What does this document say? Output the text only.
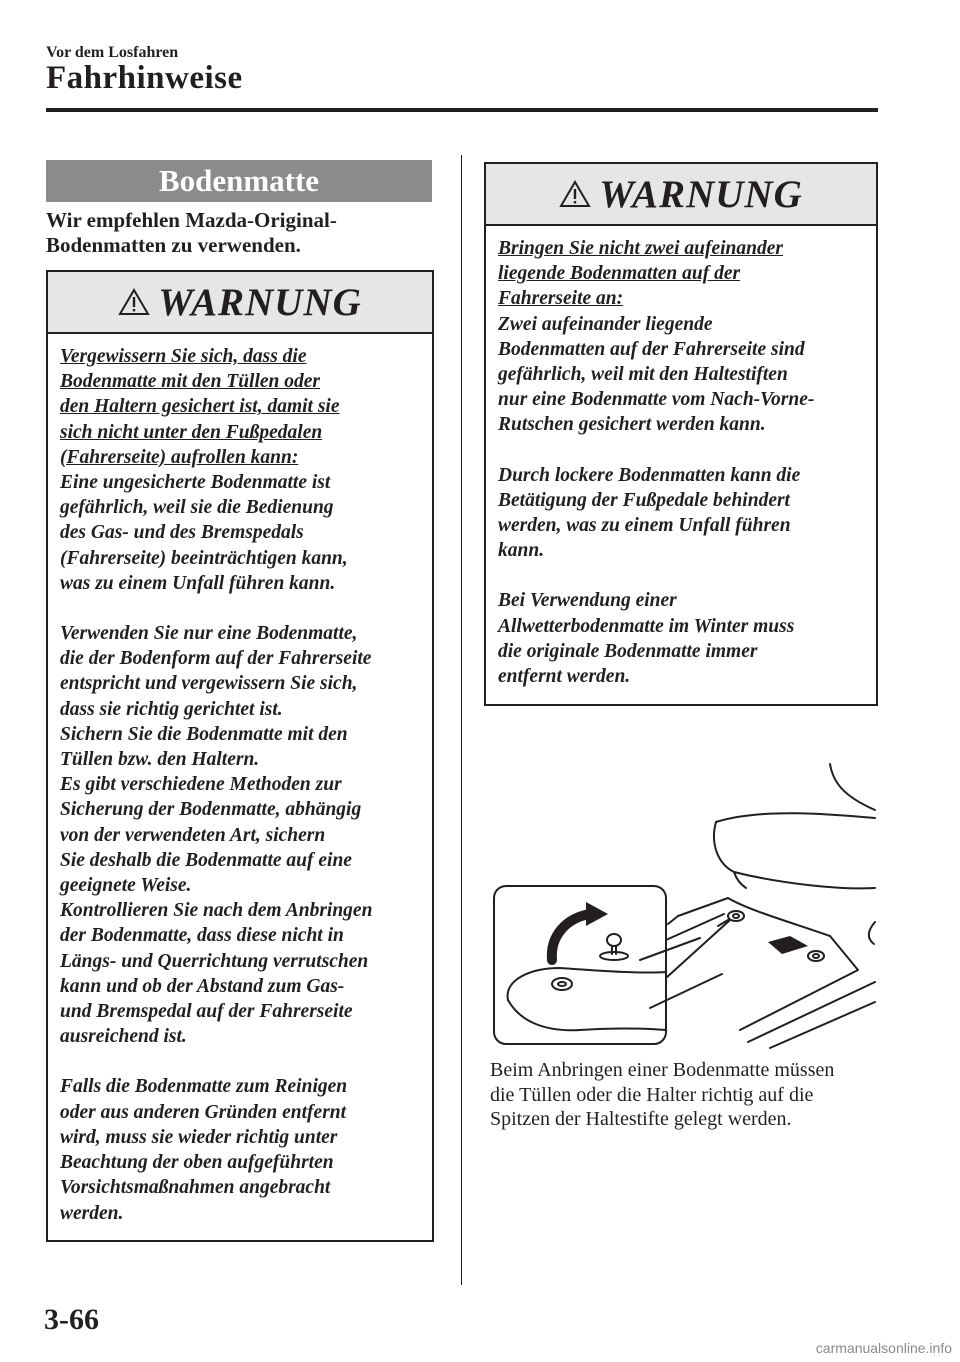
Vor dem Losfahren
Fahrhinweise
Bodenmatte
Wir empfehlen Mazda-Original-
Bodenmatten zu verwenden.
WARNUNG
Vergewissern Sie sich, dass die
Bodenmatte mit den Tüllen oder
den Haltern gesichert ist, damit sie
sich nicht unter den Fußpedalen
(Fahrerseite) aufrollen kann:
Eine ungesicherte Bodenmatte ist
gefährlich, weil sie die Bedienung
des Gas- und des Bremspedals
(Fahrerseite) beeinträchtigen kann,
was zu einem Unfall führen kann.
Verwenden Sie nur eine Bodenmatte,
die der Bodenform auf der Fahrerseite
entspricht und vergewissern Sie sich,
dass sie richtig gerichtet ist.
Sichern Sie die Bodenmatte mit den
Tüllen bzw. den Haltern.
Es gibt verschiedene Methoden zur
Sicherung der Bodenmatte, abhängig
von der verwendeten Art, sichern
Sie deshalb die Bodenmatte auf eine
geeignete Weise.
Kontrollieren Sie nach dem Anbringen
der Bodenmatte, dass diese nicht in
Längs- und Querrichtung verrutschen
kann und ob der Abstand zum Gas-
und Bremspedal auf der Fahrerseite
ausreichend ist.
Falls die Bodenmatte zum Reinigen
oder aus anderen Gründen entfernt
wird, muss sie wieder richtig unter
Beachtung der oben aufgeführten
Vorsichtsmaßnahmen angebracht
werden.
WARNUNG
Bringen Sie nicht zwei aufeinander
liegende Bodenmatten auf der
Fahrerseite an:
Zwei aufeinander liegende
Bodenmatten auf der Fahrerseite sind
gefährlich, weil mit den Haltestiften
nur eine Bodenmatte vom Nach-Vorne-
Rutschen gesichert werden kann.
Durch lockere Bodenmatten kann die
Betätigung der Fußpedale behindert
werden, was zu einem Unfall führen
kann.
Bei Verwendung einer
Allwetterbodenmatte im Winter muss
die originale Bodenmatte immer
entfernt werden.
Beim Anbringen einer Bodenmatte müssen
die Tüllen oder die Halter richtig auf die
Spitzen der Haltestifte gelegt werden.
3-66
carmanualsonline.info
